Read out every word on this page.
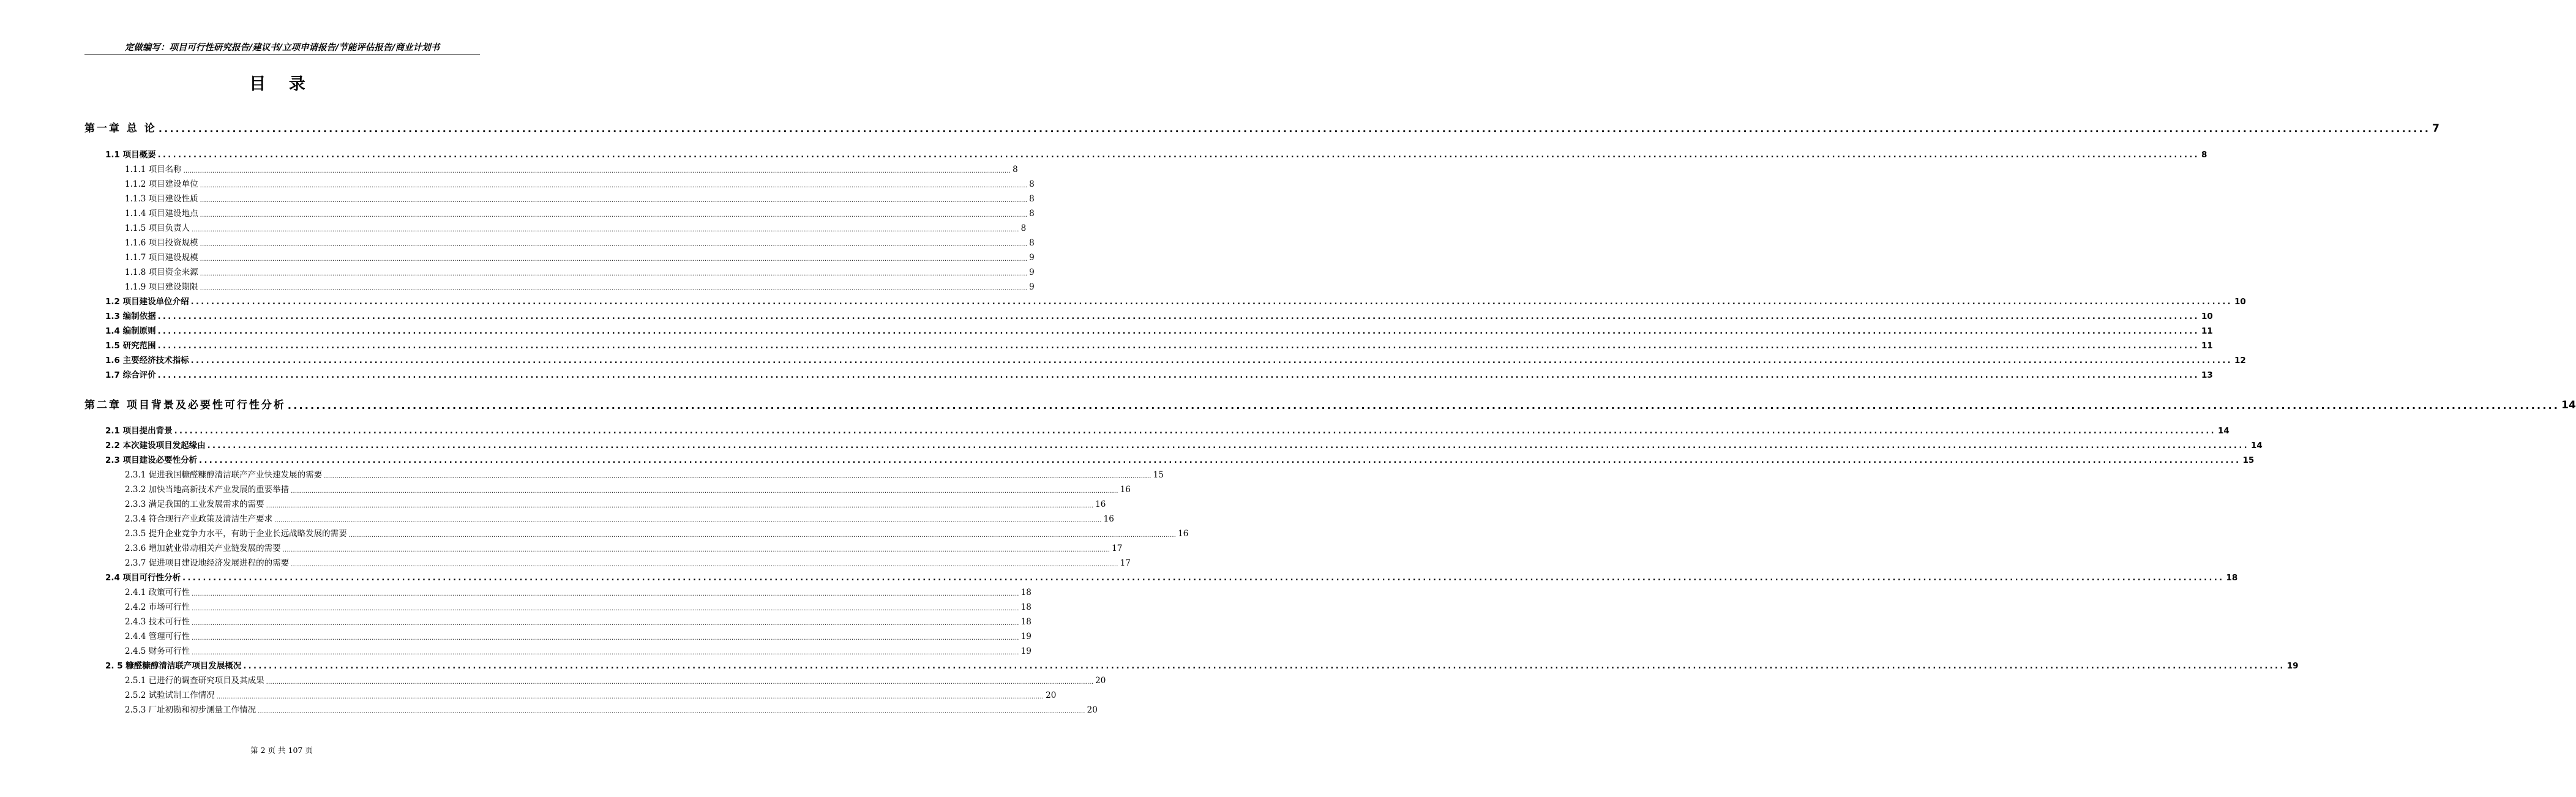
定做编写：项目可行性研究报告/建议书/立项申请报告/节能评估报告/商业计划书
目 录
第一章 总 论 ................................................................................................................................................................................................................................................................................................................................................................................................................ 7
1.1 项目概要 ................................................................................................................................................................................................................................................................................................................................................................................................................ 8
1.1.1 项目名称 ................................................................................................................................................................................................................................................................................................................................................................................................................ 8
1.1.2 项目建设单位 ................................................................................................................................................................................................................................................................................................................................................................................................................ 8
1.1.3 项目建设性质 ................................................................................................................................................................................................................................................................................................................................................................................................................ 8
1.1.4 项目建设地点 ................................................................................................................................................................................................................................................................................................................................................................................................................ 8
1.1.5 项目负责人 ................................................................................................................................................................................................................................................................................................................................................................................................................ 8
1.1.6 项目投资规模 ................................................................................................................................................................................................................................................................................................................................................................................................................ 8
1.1.7 项目建设规模 ................................................................................................................................................................................................................................................................................................................................................................................................................ 9
1.1.8 项目资金来源 ................................................................................................................................................................................................................................................................................................................................................................................................................ 9
1.1.9 项目建设期限 ................................................................................................................................................................................................................................................................................................................................................................................................................ 9
1.2 项目建设单位介绍 ................................................................................................................................................................................................................................................................................................................................................................................................................ 10
1.3 编制依据 ................................................................................................................................................................................................................................................................................................................................................................................................................ 10
1.4 编制原则 ................................................................................................................................................................................................................................................................................................................................................................................................................ 11
1.5 研究范围 ................................................................................................................................................................................................................................................................................................................................................................................................................ 11
1.6 主要经济技术指标 ................................................................................................................................................................................................................................................................................................................................................................................................................ 12
1.7 综合评价 ................................................................................................................................................................................................................................................................................................................................................................................................................ 13
第二章 项目背景及必要性可行性分析 ................................................................................................................................................................................................................................................................................................................................................................................................................ 14
2.1 项目提出背景 ................................................................................................................................................................................................................................................................................................................................................................................................................ 14
2.2 本次建设项目发起缘由 ................................................................................................................................................................................................................................................................................................................................................................................................................ 14
2.3 项目建设必要性分析 ................................................................................................................................................................................................................................................................................................................................................................................................................ 15
2.3.1 促进我国糠醛糠醇清洁联产产业快速发展的需要 ................................................................................................................................................................................................................................................................................................................................................................................................................ 15
2.3.2 加快当地高新技术产业发展的重要举措 ................................................................................................................................................................................................................................................................................................................................................................................................................ 16
2.3.3 满足我国的工业发展需求的需要 ................................................................................................................................................................................................................................................................................................................................................................................................................ 16
2.3.4 符合现行产业政策及清洁生产要求 ................................................................................................................................................................................................................................................................................................................................................................................................................ 16
2.3.5 提升企业竞争力水平，有助于企业长远战略发展的需要 ................................................................................................................................................................................................................................................................................................................................................................................................................ 16
2.3.6 增加就业带动相关产业链发展的需要 ................................................................................................................................................................................................................................................................................................................................................................................................................ 17
2.3.7 促进项目建设地经济发展进程的的需要 ................................................................................................................................................................................................................................................................................................................................................................................................................ 17
2.4 项目可行性分析 ................................................................................................................................................................................................................................................................................................................................................................................................................ 18
2.4.1 政策可行性 ................................................................................................................................................................................................................................................................................................................................................................................................................ 18
2.4.2 市场可行性 ................................................................................................................................................................................................................................................................................................................................................................................................................ 18
2.4.3 技术可行性 ................................................................................................................................................................................................................................................................................................................................................................................................................ 18
2.4.4 管理可行性 ................................................................................................................................................................................................................................................................................................................................................................................................................ 19
2.4.5 财务可行性 ................................................................................................................................................................................................................................................................................................................................................................................................................ 19
2. 5 糠醛糠醇清洁联产项目发展概况 ................................................................................................................................................................................................................................................................................................................................................................................................................ 19
2.5.1 已进行的调查研究项目及其成果 ................................................................................................................................................................................................................................................................................................................................................................................................................ 20
2.5.2 试验试制工作情况 ................................................................................................................................................................................................................................................................................................................................................................................................................ 20
2.5.3 厂址初勘和初步测量工作情况 ................................................................................................................................................................................................................................................................................................................................................................................................................ 20
第 2 页 共 107 页
